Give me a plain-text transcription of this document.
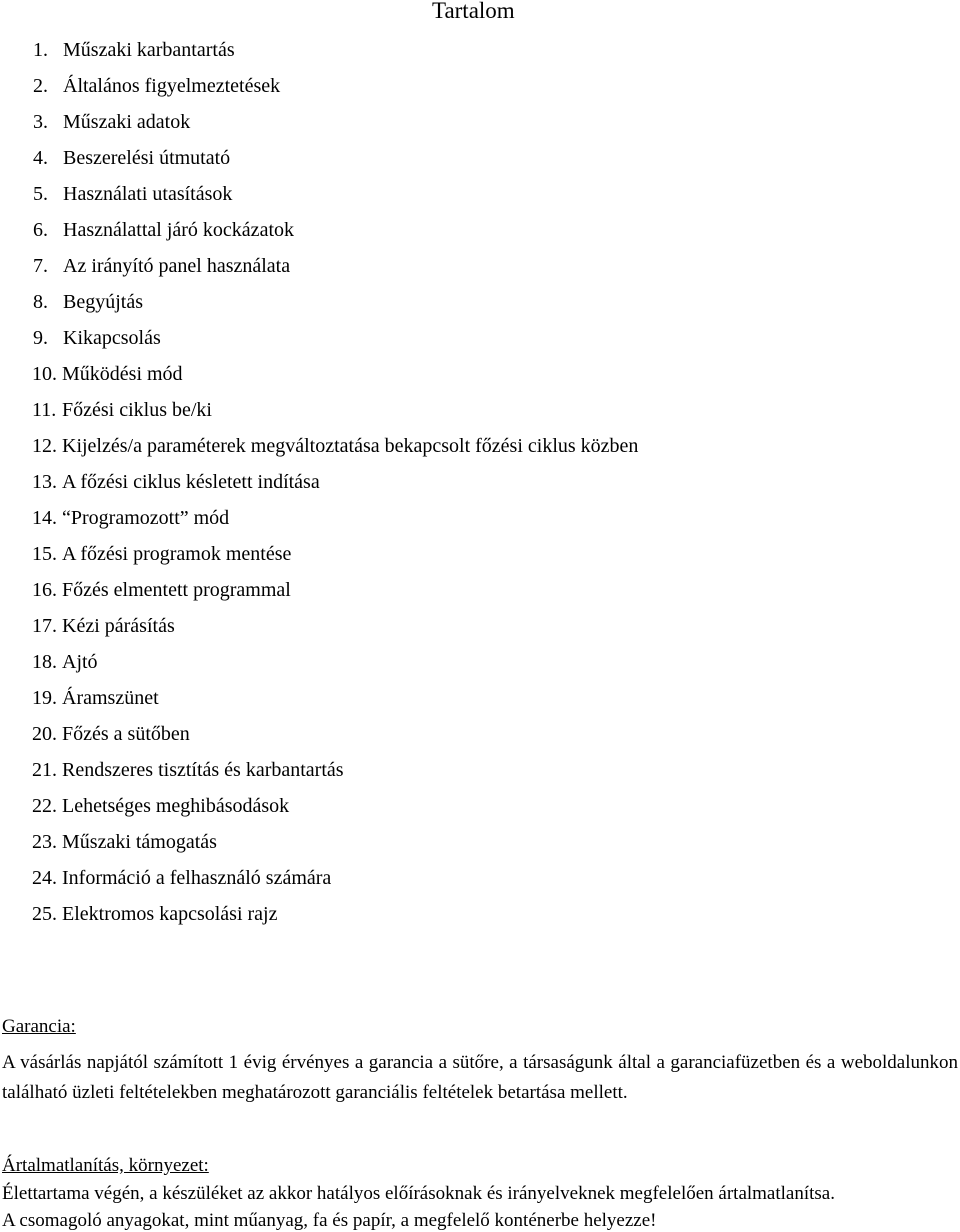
Tartalom
1. Műszaki karbantartás
2. Általános figyelmeztetések
3. Műszaki adatok
4. Beszerelési útmutató
5. Használati utasítások
6. Használattal járó kockázatok
7. Az irányító panel használata
8. Begyújtás
9. Kikapcsolás
10. Működési mód
11. Főzési ciklus be/ki
12. Kijelzés/a paraméterek megváltoztatása bekapcsolt főzési ciklus közben
13. A főzési ciklus késletett indítása
14. “Programozott” mód
15. A főzési programok mentése
16. Főzés elmentett programmal
17. Kézi párásítás
18. Ajtó
19. Áramszünet
20. Főzés a sütőben
21. Rendszeres tisztítás és karbantartás
22. Lehetséges meghibásodások
23. Műszaki támogatás
24. Információ a felhasználó számára
25. Elektromos kapcsolási rajz
Garancia:
A vásárlás napjától számított 1 évig érvényes a garancia a sütőre, a társaságunk által a garanciafüzetben és a weboldalunkon található üzleti feltételekben meghatározott garanciális feltételek betartása mellett.
Ártalmatlanítás, környezet:
Élettartama végén, a készüléket az akkor hatályos előírásoknak és irányelveknek megfelelően ártalmatlanítsa.
A csomagoló anyagokat, mint műanyag, fa és papír, a megfelelő konténerbe helyezze!
